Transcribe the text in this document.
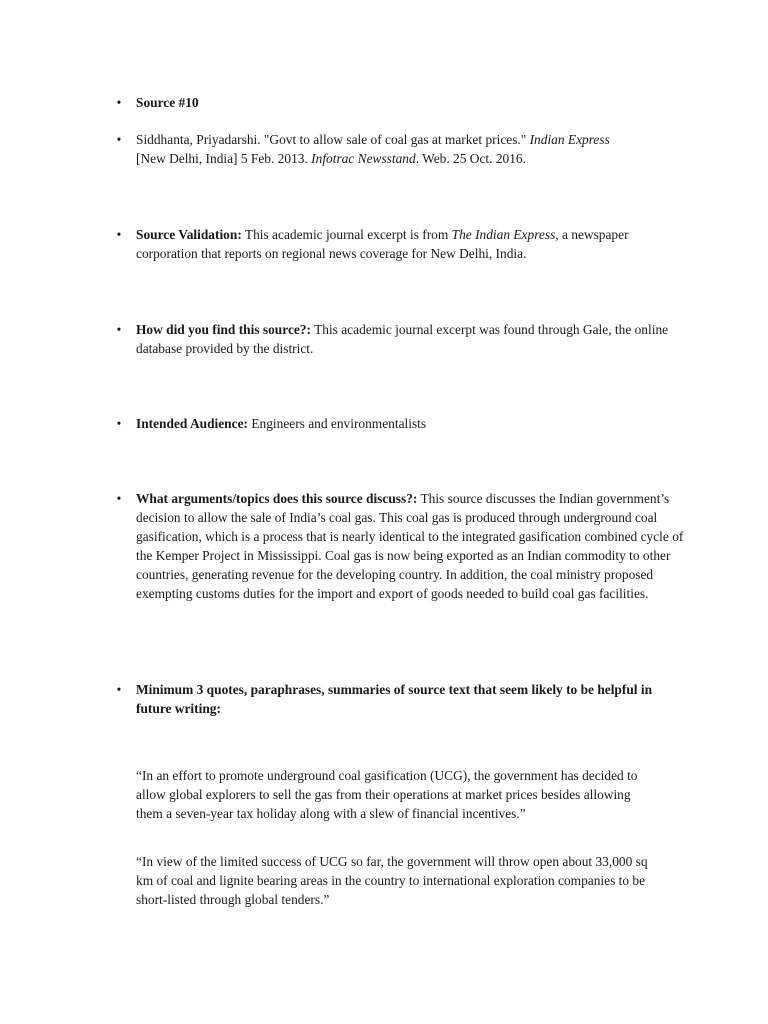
• Source #10
• Siddhanta, Priyadarshi. "Govt to allow sale of coal gas at market prices." Indian Express
[New Delhi, India] 5 Feb. 2013. Infotrac Newsstand. Web. 25 Oct. 2016.
• Source Validation: This academic journal excerpt is from The Indian Express, a newspaper corporation that reports on regional news coverage for New Delhi, India.
• How did you find this source?: This academic journal excerpt was found through Gale, the online database provided by the district.
• Intended Audience: Engineers and environmentalists
• What arguments/topics does this source discuss?: This source discusses the Indian government’s decision to allow the sale of India’s coal gas. This coal gas is produced through underground coal gasification, which is a process that is nearly identical to the integrated gasification combined cycle of the Kemper Project in Mississippi. Coal gas is now being exported as an Indian commodity to other countries, generating revenue for the developing country. In addition, the coal ministry proposed exempting customs duties for the import and export of goods needed to build coal gas facilities.
• Minimum 3 quotes, paraphrases, summaries of source text that seem likely to be helpful in future writing:
“In an effort to promote underground coal gasification (UCG), the government has decided to allow global explorers to sell the gas from their operations at market prices besides allowing them a seven-year tax holiday along with a slew of financial incentives.”
“In view of the limited success of UCG so far, the government will throw open about 33,000 sq km of coal and lignite bearing areas in the country to international exploration companies to be short-listed through global tenders.”
